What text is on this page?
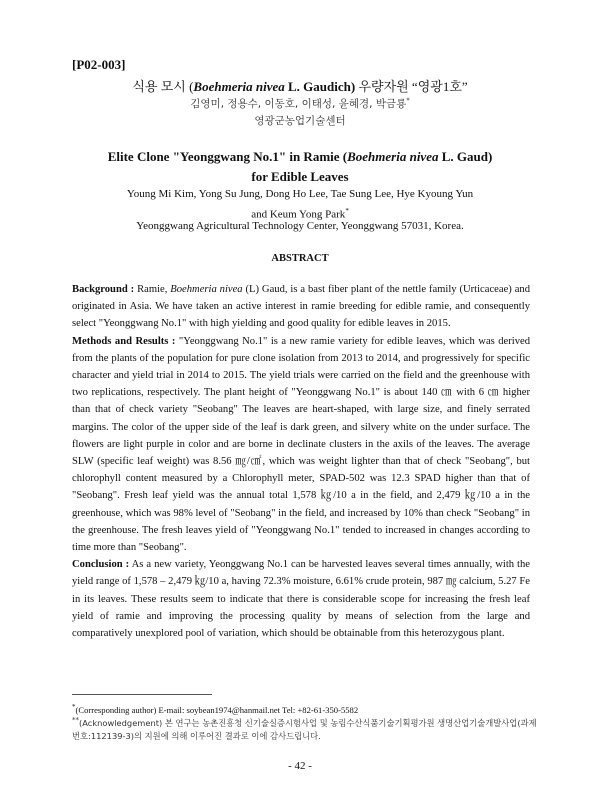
[P02-003]
식용 모시 (Boehmeria nivea L. Gaudich) 우량자원 “영광1호”
김영미, 정용수, 이동호, 이태성, 윤혜경, 박금룡*
영광군농업기술센터
Elite Clone "Yeonggwang No.1" in Ramie (Boehmeria nivea L. Gaud)
for Edible Leaves
Young Mi Kim, Yong Su Jung, Dong Ho Lee, Tae Sung Lee, Hye Kyoung Yun
and Keum Yong Park*
Yeonggwang Agricultural Technology Center, Yeonggwang 57031, Korea.
ABSTRACT

Background : Ramie, Boehmeria nivea (L) Gaud, is a bast fiber plant of the nettle family (Urticaceae) and originated in Asia. We have taken an active interest in ramie breeding for edible ramie, and consequently select "Yeonggwang No.1" with high yielding and good quality for edible leaves in 2015.

Methods and Results : "Yeonggwang No.1" is a new ramie variety for edible leaves, which was derived from the plants of the population for pure clone isolation from 2013 to 2014, and progressively for specific character and yield trial in 2014 to 2015. The yield trials were carried on the field and the greenhouse with two replications, respectively. The plant height of "Yeonggwang No.1" is about 140 ㎝ with 6 ㎝ higher than that of check variety "Seobang" The leaves are heart-shaped, with large size, and finely serrated margins. The color of the upper side of the leaf is dark green, and silvery white on the under surface. The flowers are light purple in color and are borne in declinate clusters in the axils of the leaves. The average SLW (specific leaf weight) was 8.56 ㎎/㎠, which was weight lighter than that of check "Seobang", but chlorophyll content measured by a Chlorophyll meter, SPAD-502 was 12.3 SPAD higher than that of "Seobang". Fresh leaf yield was the annual total 1,578 ㎏/10 a in the field, and 2,479 ㎏/10 a in the greenhouse, which was 98% level of "Seobang" in the field, and increased by 10% than check "Seobang" in the greenhouse. The fresh leaves yield of "Yeonggwang No.1" tended to increased in changes according to time more than "Seobang".

Conclusion : As a new variety, Yeonggwang No.1 can be harvested leaves several times annually, with the yield range of 1,578 – 2,479 ㎏/10 a, having 72.3% moisture, 6.61% crude protein, 987 ㎎ calcium, 5.27 Fe in its leaves. These results seem to indicate that there is considerable scope for increasing the fresh leaf yield of ramie and improving the processing quality by means of selection from the large and comparatively unexplored pool of variation, which should be obtainable from this heterozygous plant.

*(Corresponding author) E-mail: soybean1974@hanmail.net Tel: +82-61-350-5582
**(Acknowledgement) 본 연구는 농촌진흥청 신기술실증시험사업 및 농림수산식품기술기획평가원 생명산업기술개발사업(과제번호:112139-3)의 지원에 의해 이루어진 결과로 이에 감사드립니다.
- 42 -
